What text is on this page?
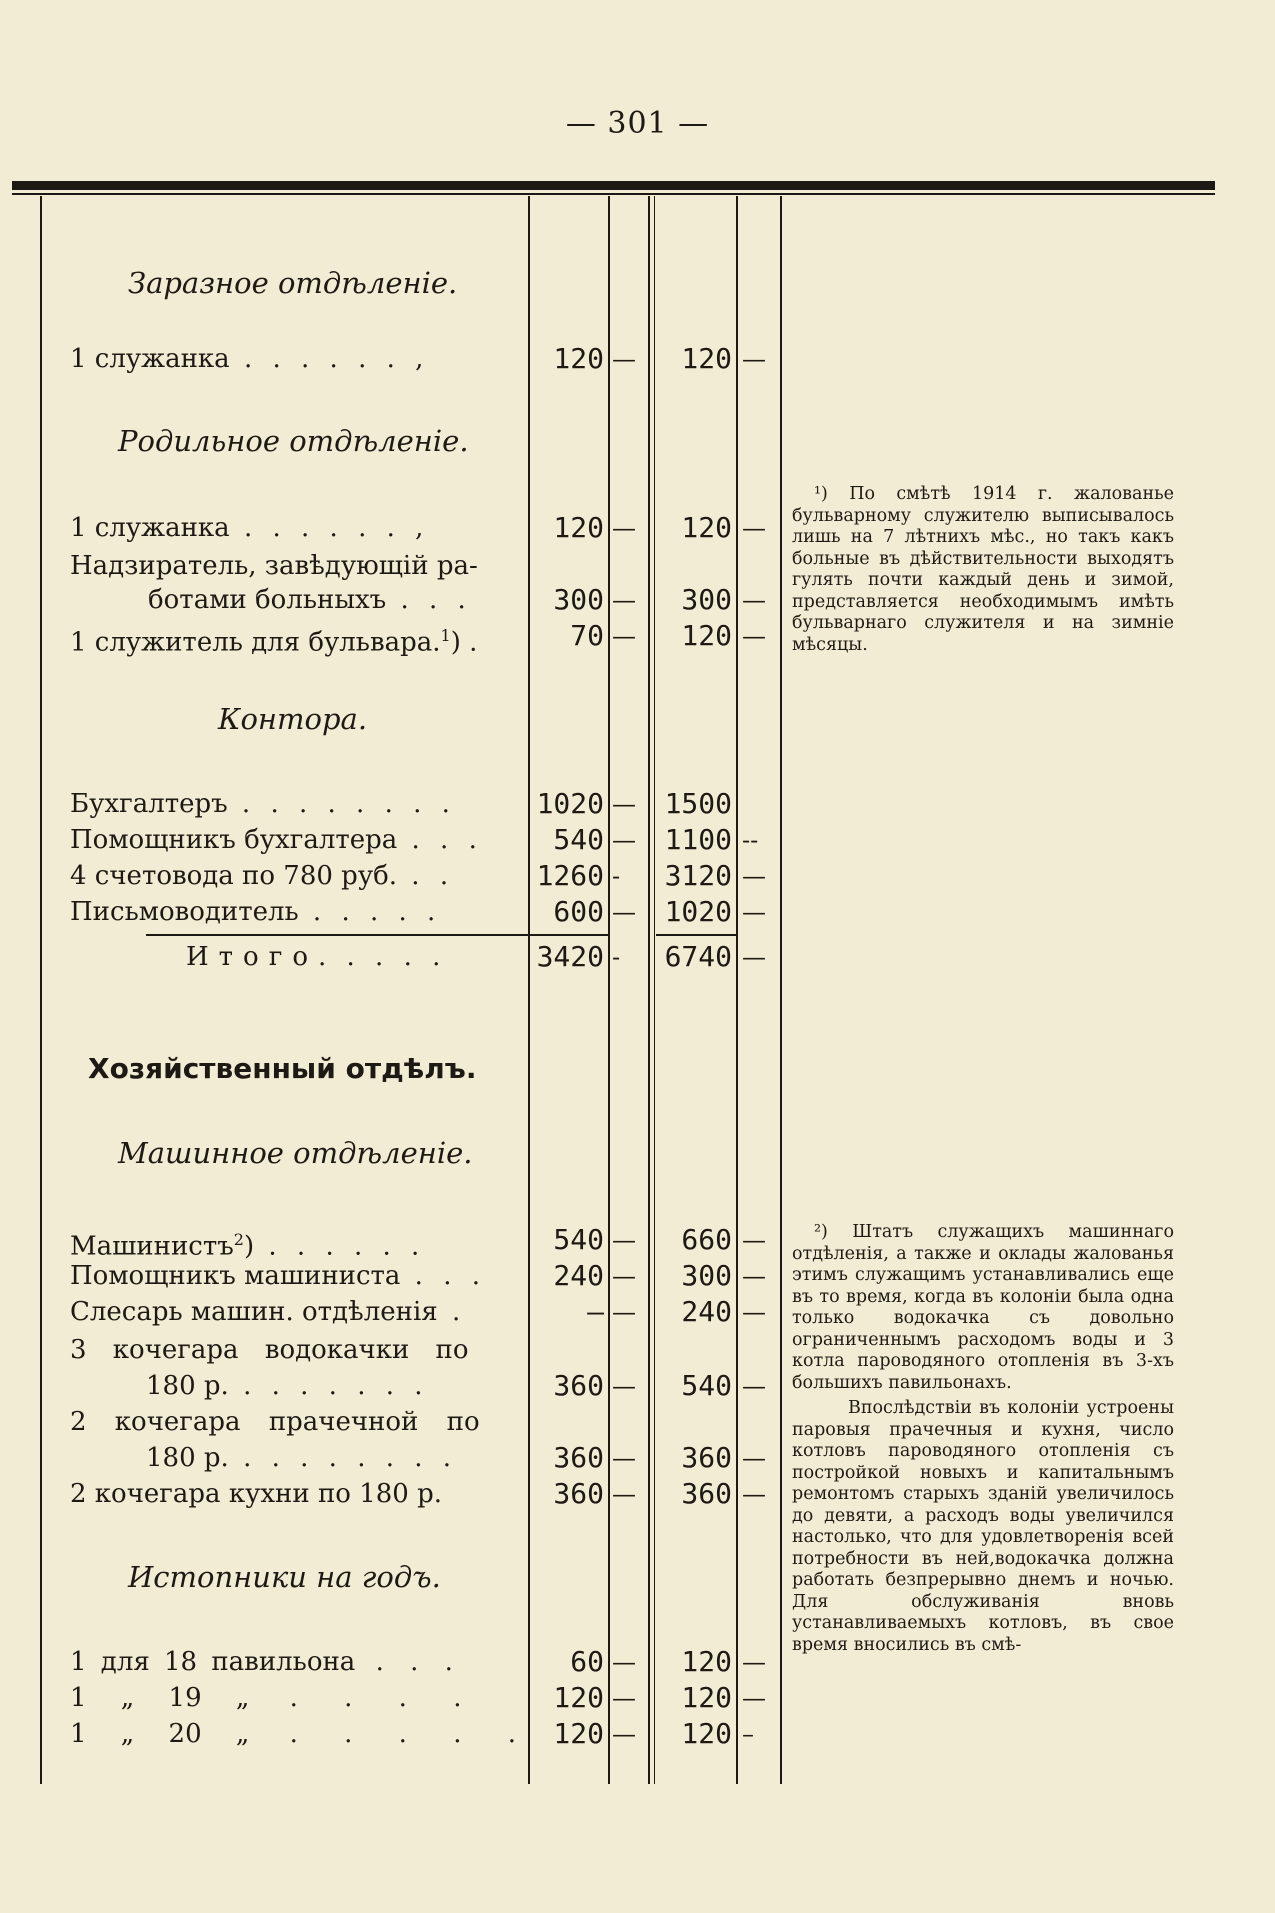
— 301 —
Заразное отдѣленіе.
1 служанка . . . . . . ,	120 —	120 —
Родильное отдѣленіе.
1 служанка . . . . . . ,	120 —	120 —
Надзиратель, завѣдующій ра-
ботами больныхъ . . .	300 —	300 —
1 служитель для бульвара.$^1$) .	70 —	120 —
Контора.
Бухгалтеръ . . . . . . . .	1020 —	1500
Помощникъ бухгалтера . . .	540 —	1100 --
4 счетовода по 780 руб. . .	1260 -	3120 —
Письмоводитель . . . . .	600 —	1020 —
Итого. . . . .	3420 -	6740 —
Хозяйственный отдѣлъ.
Машинное отдѣленіе.
Машинистъ$^2$) . . . . . .	540 —	660 —
Помощникъ машиниста . . .	240 —	300 —
Слесарь машин. отдѣленія .	— —	240 —
3 кочегара водокачки по
180 р. . . . . . . .	360 —	540 —
2 кочегара прачечной по
180 р. . . . . . . . .	360 —	360 —
2 кочегара кухни по 180 р.	360 —	360 —
Истопники на годъ.
1 для 18 павильона . . .	60 —	120 —
1 „ 19 „ . . . .	120 —	120 —
1 „ 20 „ . . . . .	120 —	120 –

¹) По смѣтѣ 1914 г. жалованье бульварному служителю выписывалось лишь на 7 лѣтнихъ мѣс., но такъ какъ больные въ дѣйствительности выходятъ гулять почти каждый день и зимой, представляется необходимымъ имѣть бульварнаго служителя и на зимніе мѣсяцы.

²) Штатъ служащихъ машиннаго отдѣленія, а также и оклады жалованья этимъ служащимъ устанавливались еще въ то время, когда въ колоніи была одна только водокачка съ довольно ограниченнымъ расходомъ воды и 3 котла пароводяного отопленія въ 3-хъ большихъ павильонахъ.

Впослѣдствіи въ колоніи устроены паровыя прачечныя и кухня, число котловъ пароводяного отопленія съ постройкой новыхъ и капитальнымъ ремонтомъ старыхъ зданій увеличилось до девяти, а расходъ воды увеличился настолько, что для удовлетворенія всей потребности въ ней,водокачка должна работать безпрерывно днемъ и ночью. Для обслуживанія вновь устанавливаемыхъ котловъ, въ свое время вносились въ смѣ-
